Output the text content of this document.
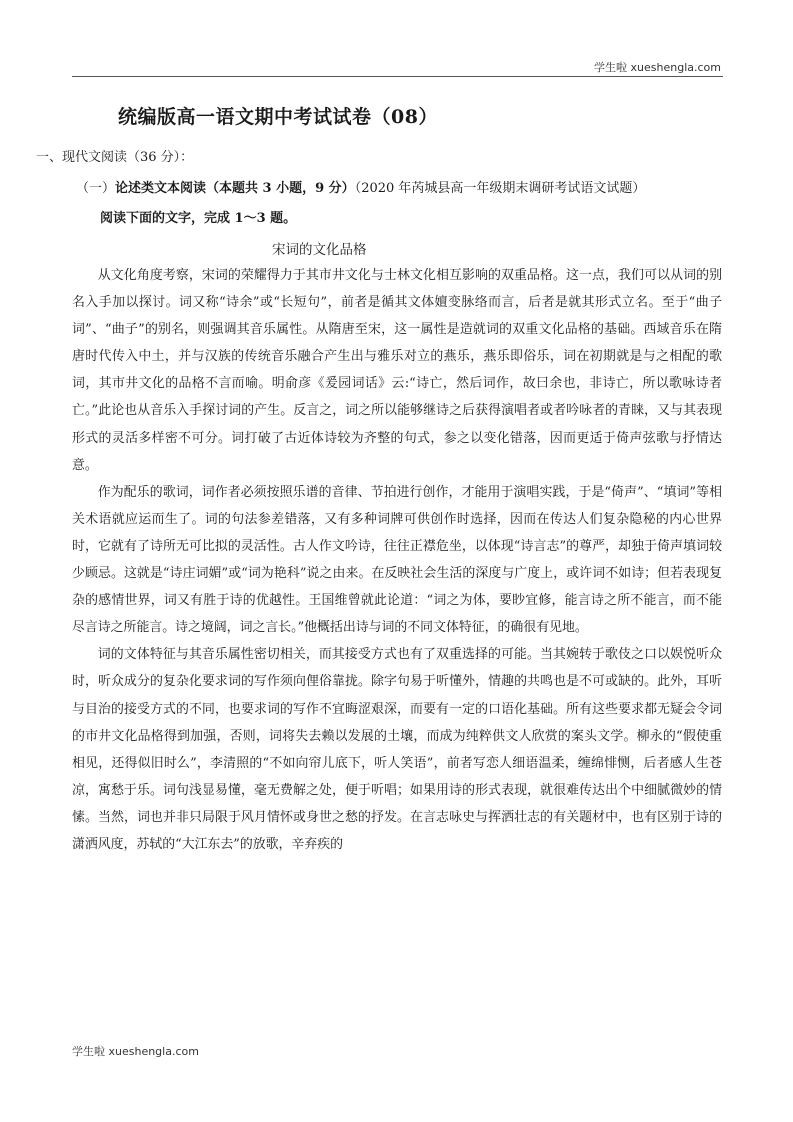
学生啦 xueshengla.com
统编版高一语文期中考试试卷（08）
一、现代文阅读（36 分）：
（一）论述类文本阅读（本题共 3 小题，9 分）（2020 年芮城县高一年级期末调研考试语文试题）
阅读下面的文字，完成 1～3 题。
宋词的文化品格

从文化角度考察，宋词的荣耀得力于其市井文化与士林文化相互影响的双重品格。这一点，我们可以从词的别名入手加以探讨。词又称“诗余”或“长短句”，前者是循其文体嬗变脉络而言，后者是就其形式立名。至于“曲子词”、“曲子”的别名，则强调其音乐属性。从隋唐至宋，这一属性是造就词的双重文化品格的基础。西域音乐在隋唐时代传入中土，并与汉族的传统音乐融合产生出与雅乐对立的燕乐，燕乐即俗乐，词在初期就是与之相配的歌词，其市井文化的品格不言而喻。明俞彦《爰园词话》云:“诗亡，然后词作，故曰余也，非诗亡，所以歌咏诗者亡。”此论也从音乐入手探讨词的产生。反言之，词之所以能够继诗之后获得演唱者或者吟咏者的青睐，又与其表现形式的灵活多样密不可分。词打破了古近体诗较为齐整的句式，参之以变化错落，因而更适于倚声弦歌与抒情达意。

作为配乐的歌词，词作者必须按照乐谱的音律、节拍进行创作，才能用于演唱实践，于是“倚声”、“填词”等相关术语就应运而生了。词的句法参差错落，又有多种词牌可供创作时选择，因而在传达人们复杂隐秘的内心世界时，它就有了诗所无可比拟的灵活性。古人作文吟诗，往往正襟危坐，以体现“诗言志”的尊严，却独于倚声填词较少顾忌。这就是“诗庄词媚”或“词为艳科”说之由来。在反映社会生活的深度与广度上，或许词不如诗；但若表现复杂的感情世界，词又有胜于诗的优越性。王国维曾就此论道：“词之为体，要眇宜修，能言诗之所不能言，而不能尽言诗之所能言。诗之境阔，词之言长。”他概括出诗与词的不同文体特征，的确很有见地。

词的文体特征与其音乐属性密切相关，而其接受方式也有了双重选择的可能。当其婉转于歌伎之口以娱悦听众时，听众成分的复杂化要求词的写作须向俚俗靠拢。除字句易于听懂外，情趣的共鸣也是不可或缺的。此外，耳听与目治的接受方式的不同，也要求词的写作不宜晦涩艰深，而要有一定的口语化基础。所有这些要求都无疑会令词的市井文化品格得到加强，否则，词将失去赖以发展的土壤，而成为纯粹供文人欣赏的案头文学。柳永的“假使重相见，还得似旧时么”，李清照的“不如向帘儿底下，听人笑语”，前者写恋人细语温柔，缠绵悱恻，后者感人生苍凉，寓愁于乐。词句浅显易懂，毫无费解之处，便于听唱；如果用诗的形式表现，就很难传达出个中细腻微妙的情愫。当然，词也并非只局限于风月情怀或身世之愁的抒发。在言志咏史与挥洒壮志的有关题材中，也有区别于诗的潇洒风度，苏轼的“大江东去”的放歌，辛弃疾的

学生啦 xueshengla.com
